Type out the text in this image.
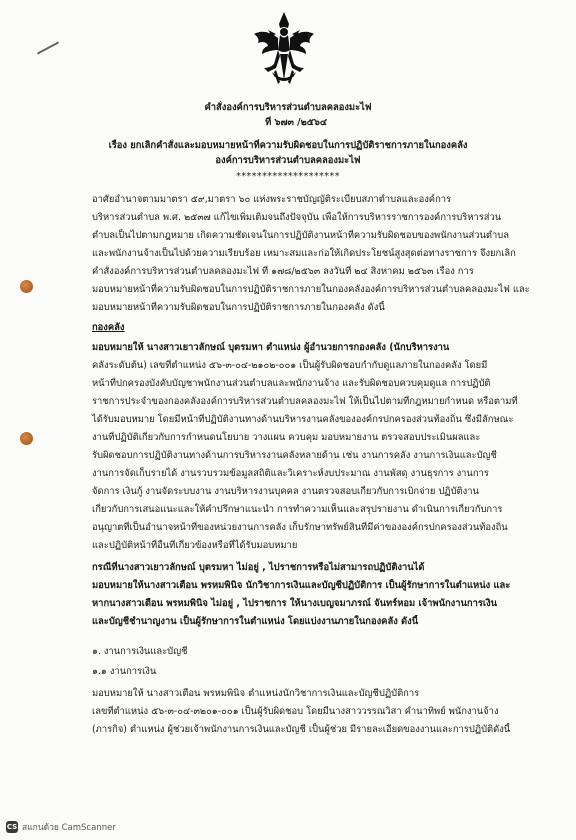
คำสั่งองค์การบริหารส่วนตำบลคลองมะไฟ
ที่ ๖๗๓ /๒๕๖๔
เรื่อง ยกเลิกคำสั่งและมอบหมายหน้าที่ความรับผิดชอบในการปฏิบัติราชการภายในกองคลัง
องค์การบริหารส่วนตำบลคลองมะไฟ
********************
อาศัยอำนาจตามมาตรา ๕๙,มาตรา ๖๐ แห่งพระราชบัญญัติระเบียบสภาตำบลและองค์การ
บริหารส่วนตำบล พ.ศ. ๒๕๓๗ แก้ไขเพิ่มเติมจนถึงปัจจุบัน เพื่อให้การบริหารราชการองค์การบริหารส่วน
ตำบลเป็นไปตามกฎหมาย เกิดความชัดเจนในการปฏิบัติงานหน้าที่ความรับผิดชอบของพนักงานส่วนตำบล
และพนักงานจ้างเป็นไปด้วยความเรียบร้อย เหมาะสมและก่อให้เกิดประโยชน์สูงสุดต่อทางราชการ จึงยกเลิก
คำสั่งองค์การบริหารส่วนตำบลคลองมะไฟ ที่ ๑๗๘/๒๕๖๓ ลงวันที่ ๒๔ สิงหาคม ๒๕๖๓ เรื่อง การ
มอบหมายหน้าที่ความรับผิดชอบในการปฏิบัติราชการภายในกองคลังองค์การบริหารส่วนตำบลคลองมะไฟ และ
มอบหมายหน้าที่ความรับผิดชอบในการปฏิบัติราชการภายในกองคลัง ดังนี้
กองคลัง
มอบหมายให้ นางสาวเยาวลักษณ์ บุตรมหา ตำแหน่ง ผู้อำนวยการกองคลัง (นักบริหารงาน
คลังระดับต้น) เลขที่ตำแหน่ง ๕๖-๓-๐๔-๒๑๐๒-๐๐๑ เป็นผู้รับผิดชอบกำกับดูแลภายในกองคลัง โดยมี
หน้าที่ปกครองบังคับบัญชาพนักงานส่วนตำบลและพนักงานจ้าง และรับผิดชอบควบคุมดูแล การปฏิบัติ
ราชการประจำของกองคลังองค์การบริหารส่วนตำบลคลองมะไฟ ให้เป็นไปตามที่กฎหมายกำหนด หรือตามที่
ได้รับมอบหมาย โดยมีหน้าที่ปฏิบัติงานทางด้านบริหารงานคลังขององค์กรปกครองส่วนท้องถิ่น ซึ่งมีลักษณะ
งานที่ปฏิบัติเกี่ยวกับการกำหนดนโยบาย วางแผน ควบคุม มอบหมายงาน ตรวจสอบประเมินผลและ
รับผิดชอบการปฏิบัติงานทางด้านการบริหารงานคลังหลายด้าน เช่น งานการคลัง งานการเงินและบัญชี
งานการจัดเก็บรายได้ งานรวบรวมข้อมูลสถิติและวิเคราะห์งบประมาณ งานพัสดุ งานธุรการ งานการ
จัดการ เงินกู้ งานจัดระบบงาน งานบริหารงานบุคคล งานตรวจสอบเกี่ยวกับการเบิกจ่าย ปฏิบัติงาน
เกี่ยวกับการเสนอแนะและให้คำปรึกษาแนะนำ การทำความเห็นและสรุปรายงาน ดำเนินการเกี่ยวกับการ
อนุญาตที่เป็นอำนาจหน้าที่ของหน่วยงานการคลัง เก็บรักษาทรัพย์สินที่มีค่าขององค์กรปกครองส่วนท้องถิ่น
และปฏิบัติหน้าที่อื่นที่เกี่ยวข้องหรือที่ได้รับมอบหมาย
กรณีที่นางสาวเยาวลักษณ์ บุตรมหา ไม่อยู่ , ไปราชการหรือไม่สามารถปฏิบัติงานได้
มอบหมายให้นางสาวเตือน พรหมพินิจ นักวิชาการเงินและบัญชีปฏิบัติการ เป็นผู้รักษาการในตำแหน่ง และ
หากนางสาวเตือน พรหมพินิจ ไม่อยู่ , ไปราชการ ให้นางเบญจมาภรณ์ จันทร์หอม เจ้าพนักงานการเงิน
และบัญชีชำนาญงาน เป็นผู้รักษาการในตำแหน่ง โดยแบ่งงานภายในกองคลัง ดังนี้
๑. งานการเงินและบัญชี
๑.๑ งานการเงิน
มอบหมายให้ นางสาวเตือน พรหมพินิจ ตำแหน่งนักวิชาการเงินและบัญชีปฏิบัติการ
เลขที่ตำแหน่ง ๕๖-๓-๐๔-๓๒๐๑-๐๐๑ เป็นผู้รับผิดชอบ โดยมีนางสาววรรณวิสา คำนาทิพย์ พนักงานจ้าง
(ภารกิจ) ตำแหน่ง ผู้ช่วยเจ้าพนักงานการเงินและบัญชี เป็นผู้ช่วย มีรายละเอียดของงานและการปฏิบัติดังนี้
CS สแกนด้วย CamScanner
